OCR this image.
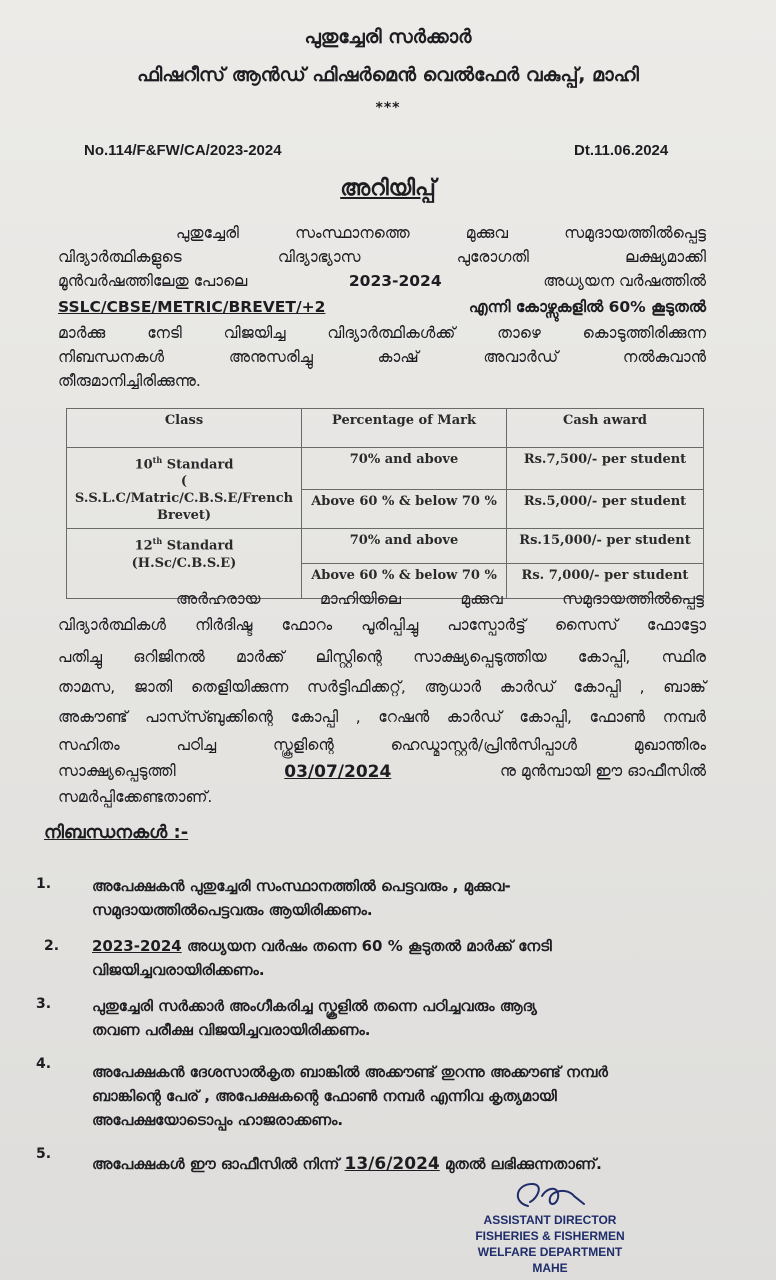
പുതുച്ചേരി സർക്കാർ
ഫിഷറീസ് ആൻഡ് ഫിഷർമെൻ വെൽഫേർ വകുപ്പ്, മാഹി
***
No.114/F&FW/CA/2023-2024	Dt.11.06.2024
അറിയിപ്പ്
പുതുച്ചേരി സംസ്ഥാനത്തെ മുക്കുവ സമുദായത്തിൽപ്പെട്ട
വിദ്യാർത്ഥികളുടെ വിദ്യാഭ്യാസ പുരോഗതി ലക്ഷ്യമാക്കി
മൂൻവർഷത്തിലേതു പോലെ	2023-2024	അധ്യയന വർഷത്തിൽ
SSLC/CBSE/METRIC/BREVET/+2	എന്നി കോഴ്സുകളിൽ 60% കൂടുതൽ
മാർക്കു നേടി വിജയിച്ച വിദ്യാർത്ഥികൾക്ക് താഴെ കൊടുത്തിരിക്കുന്ന
നിബന്ധനകൾ അനുസരിച്ചു കാഷ് അവാർഡ് നൽകുവാൻ
തീരുമാനിച്ചിരിക്കുന്നു.
Class	Percentage of Mark	Cash award

10th Standard
( S.S.L.C/Matric/C.B.S.E/French
Brevet)	70% and above	Rs.7,500/- per student
	Above 60 % & below 70 %	Rs.5,000/- per student

12th Standard
(H.Sc/C.B.S.E)	70% and above	Rs.15,000/- per student
	Above 60 % & below 70 %	Rs. 7,000/- per student
അർഹരായ മാഹിയിലെ മുക്കുവ സമുദായത്തിൽപ്പെട്ട
വിദ്യാർത്ഥികൾ നിർദിഷ്ട ഫോറം പൂരിപ്പിച്ചു പാസ്പോർട്ട് സൈസ് ഫോട്ടോ
പതിച്ചു ഒറിജിനൽ മാർക്ക് ലിസ്റ്റിന്റെ സാക്ഷ്യപ്പെടുത്തിയ കോപ്പി, സ്ഥിര
താമസ, ജാതി തെളിയിക്കുന്ന സർട്ടിഫിക്കറ്റ്, ആധാർ കാർഡ് കോപ്പി , ബാങ്ക്
അകൗണ്ട് പാസ്സ്ബുക്കിന്റെ കോപ്പി , റേഷൻ കാർഡ് കോപ്പി, ഫോൺ നമ്പർ
സഹിതം പഠിച്ച സ്കൂളിന്റെ ഹെഡ്മാസ്റ്റർ/പ്രിൻസിപ്പാൾ മുഖാന്തിരം
സാക്ഷ്യപ്പെടുത്തി	03/07/2024	നു മുൻമ്പായി ഈ ഓഫീസിൽ
സമർപ്പിക്കേണ്ടതാണ്.
നിബന്ധനകൾ :-
1.	അപേക്ഷകൻ പുതുച്ചേരി സംസ്ഥാനത്തിൽ പെട്ടവരും , മുക്കുവ-
സമുദായത്തിൽപെട്ടവരും ആയിരിക്കണം.
2. 2023-2024 അധ്യയന വർഷം തന്നെ 60 % കൂടുതൽ മാർക്ക് നേടി
വിജയിച്ചവരായിരിക്കണം.
3.	പുതുച്ചേരി സർക്കാർ അംഗീകരിച്ച സ്കൂളിൽ തന്നെ പഠിച്ചവരും ആദ്യ
തവണ പരീക്ഷ വിജയിച്ചവരായിരിക്കണം.
4.	അപേക്ഷകൻ ദേശസാൽകൃത ബാങ്കിൽ അക്കൗണ്ട് തുറന്നു അക്കൗണ്ട് നമ്പർ
ബാങ്കിന്റെ പേര് , അപേക്ഷകന്റെ ഫോൺ നമ്പർ എന്നിവ കൃത്യമായി
അപേക്ഷയോടൊപ്പം ഹാജരാക്കണം.
5.
അപേക്ഷകൾ ഈ ഓഫീസിൽ നിന്ന് 13/6/2024 മുതൽ ലഭിക്കുന്നതാണ്.
ASSISTANT DIRECTOR
FISHERIES & FISHERMEN
WELFARE DEPARTMENT
MAHE
